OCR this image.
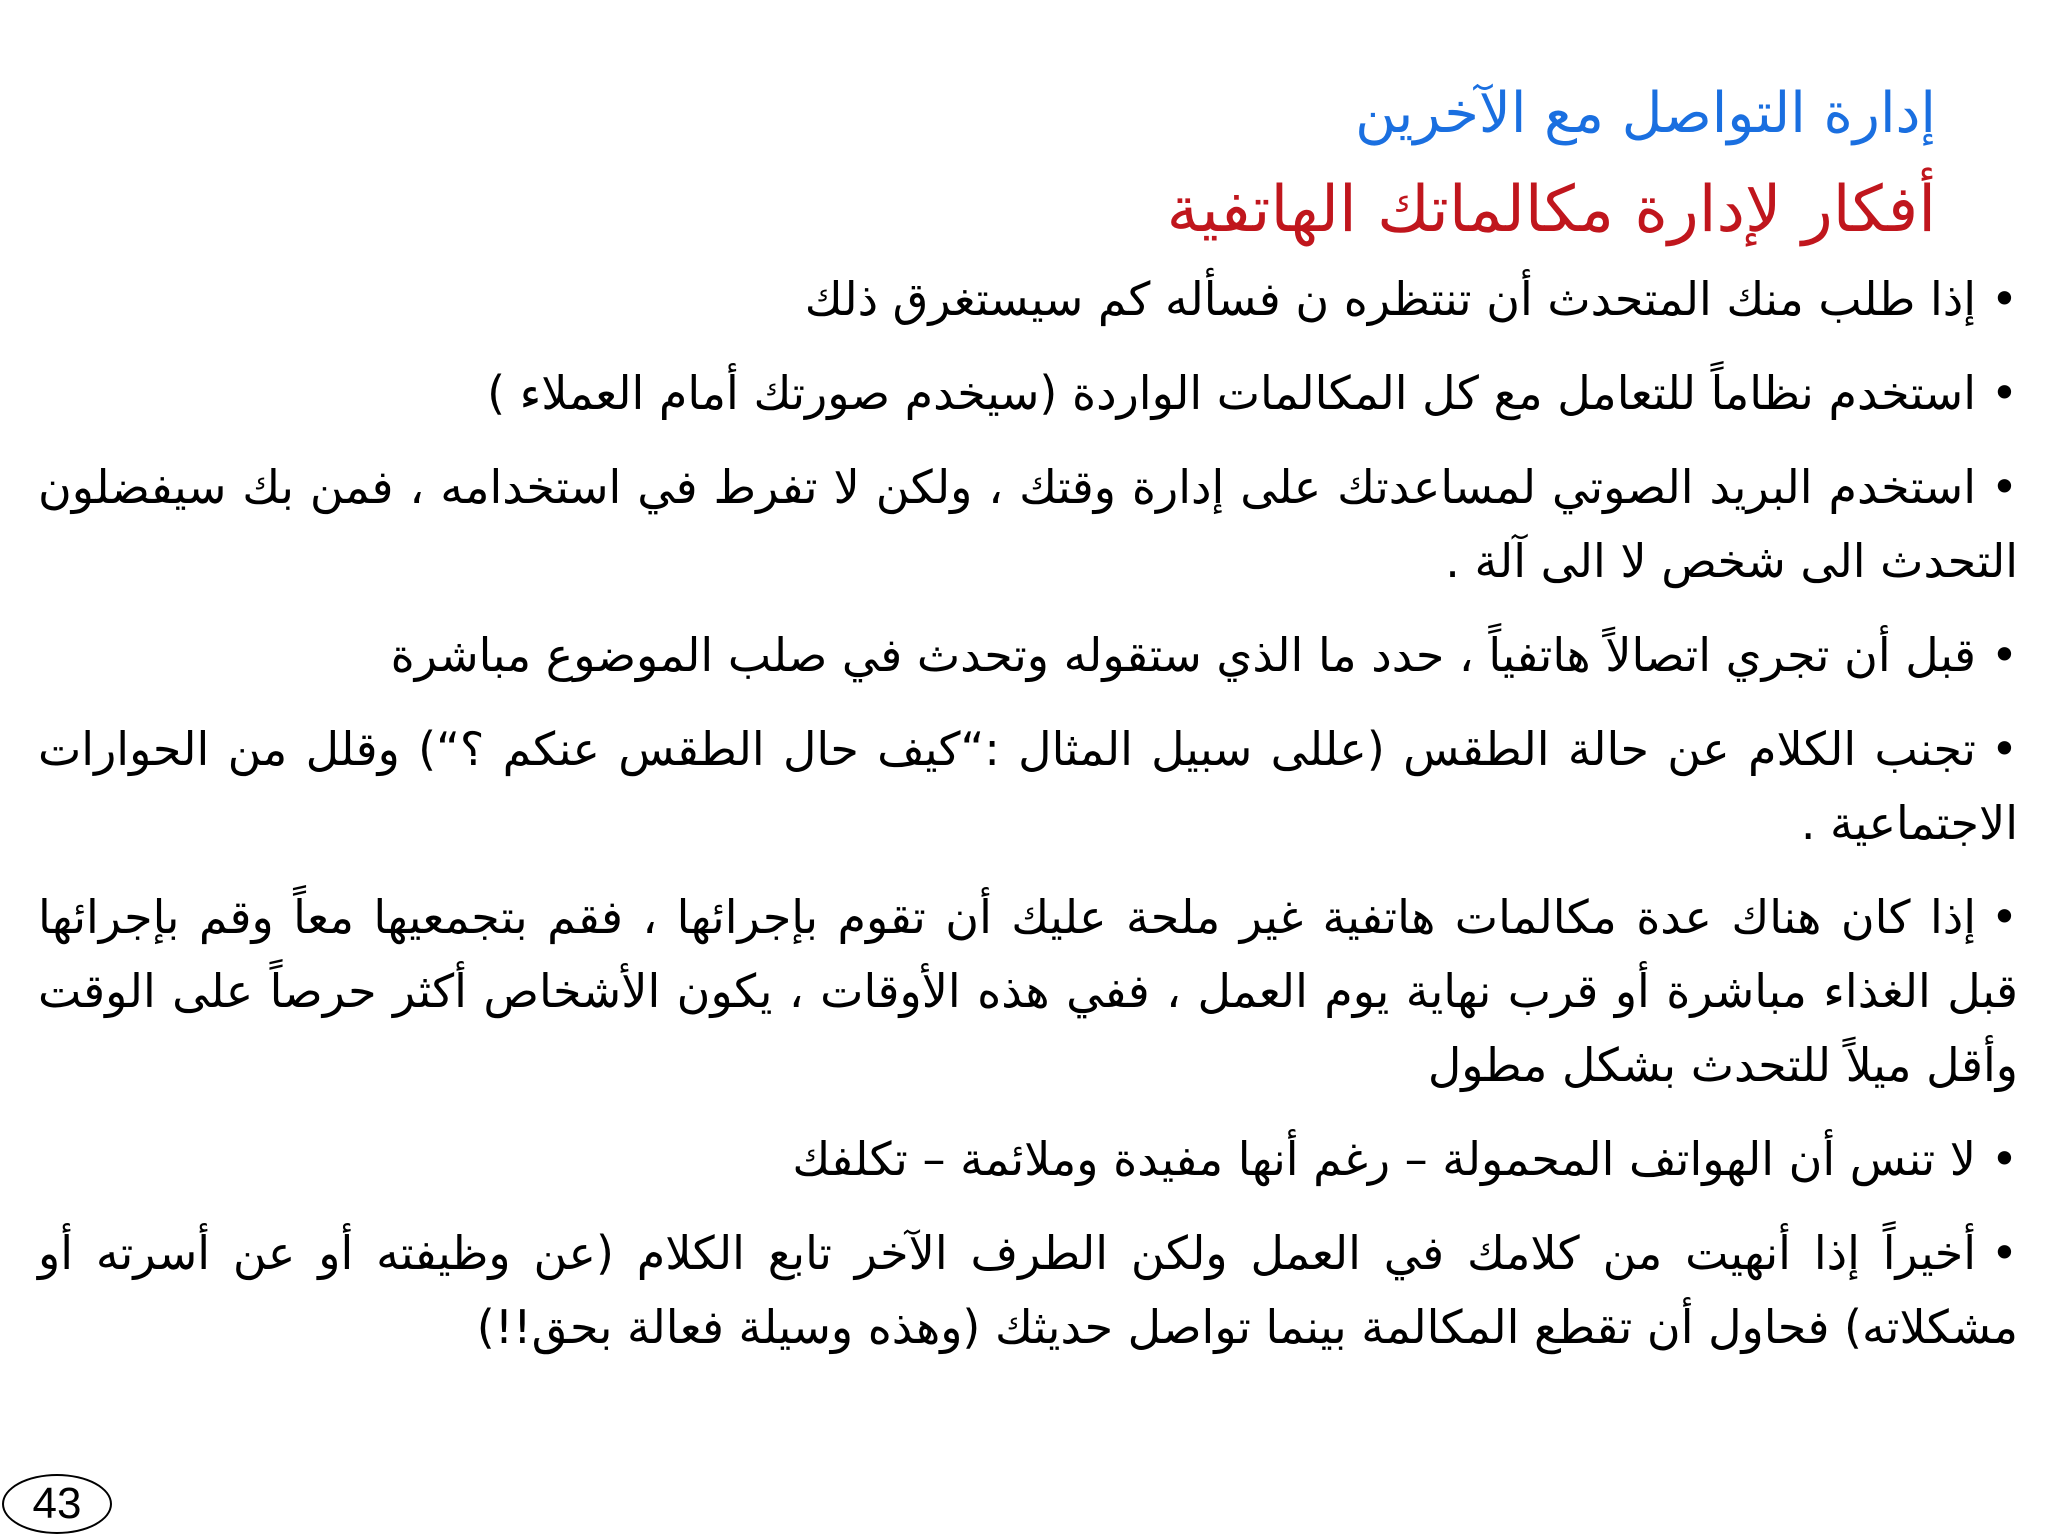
إدارة التواصل مع الآخرين
أفكار لإدارة مكالماتك الهاتفية
•إذا طلب منك المتحدث أن تنتظره ن فسأله كم سيستغرق ذلك
•استخدم نظاماً للتعامل مع كل المكالمات الواردة (سيخدم صورتك أمام العملاء )
•استخدم البريد الصوتي لمساعدتك على إدارة وقتك ، ولكن لا تفرط في استخدامه ، فمن بك سيفضلون التحدث الى شخص لا الى آلة .
•قبل أن تجري اتصالاً هاتفياً ، حدد ما الذي ستقوله وتحدث في صلب الموضوع مباشرة
•تجنب الكلام عن حالة الطقس (عللى سبيل المثال :“كيف حال الطقس عنكم ؟“) وقلل من الحوارات الاجتماعية .
•إذا كان هناك عدة مكالمات هاتفية غير ملحة عليك أن تقوم بإجرائها ، فقم بتجمعيها معاً وقم بإجرائها قبل الغذاء مباشرة أو قرب نهاية يوم العمل ، ففي هذه الأوقات ، يكون الأشخاص أكثر حرصاً على الوقت وأقل ميلاً للتحدث بشكل مطول
•لا تنس أن الهواتف المحمولة – رغم أنها مفيدة وملائمة – تكلفك
•أخيراً إذا أنهيت من كلامك في العمل ولكن الطرف الآخر تابع الكلام (عن وظيفته أو عن أسرته أو مشكلاته) فحاول أن تقطع المكالمة بينما تواصل حديثك (وهذه وسيلة فعالة بحق!!)
43
